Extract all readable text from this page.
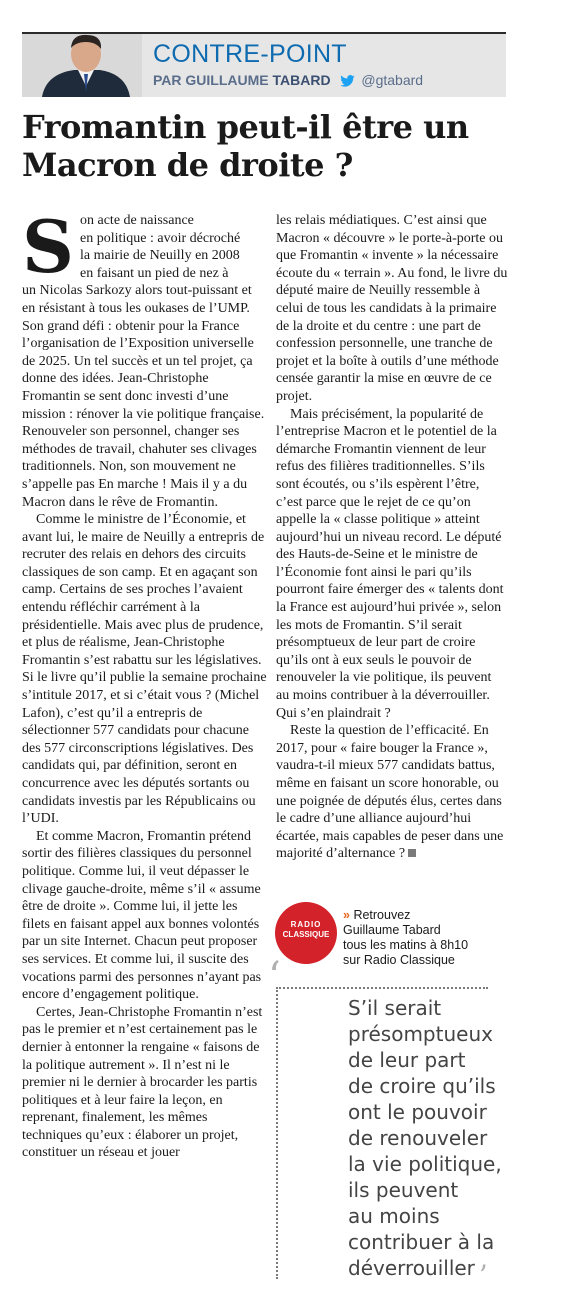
CONTRE-POINT
PAR GUILLAUME TABARD @gtabard
Fromantin peut-il être un Macron de droite ?

Son acte de naissance
en politique : avoir décroché
la mairie de Neuilly en 2008
en faisant un pied de nez à
un Nicolas Sarkozy alors tout-puissant et en résistant à tous les oukases de l’UMP. Son grand défi : obtenir pour la France l’organisation de l’Exposition universelle de 2025. Un tel succès et un tel projet, ça donne des idées. Jean-Christophe Fromantin se sent donc investi d’une mission : rénover la vie politique française. Renouveler son personnel, changer ses méthodes de travail, chahuter ses clivages traditionnels. Non, son mouvement ne s’appelle pas En marche ! Mais il y a du Macron dans le rêve de Fromantin.

Comme le ministre de l’Économie, et avant lui, le maire de Neuilly a entrepris de recruter des relais en dehors des circuits classiques de son camp. Et en agaçant son camp. Certains de ses proches l’avaient entendu réfléchir carrément à la présidentielle. Mais avec plus de prudence, et plus de réalisme, Jean-Christophe Fromantin s’est rabattu sur les législatives. Si le livre qu’il publie la semaine prochaine s’intitule 2017, et si c’était vous ? (Michel Lafon), c’est qu’il a entrepris de sélectionner 577 candidats pour chacune des 577 circonscriptions législatives. Des candidats qui, par définition, seront en concurrence avec les députés sortants ou candidats investis par les Républicains ou l’UDI.

Et comme Macron, Fromantin prétend sortir des filières classiques du personnel politique. Comme lui, il veut dépasser le clivage gauche-droite, même s’il « assume être de droite ». Comme lui, il jette les filets en faisant appel aux bonnes volontés par un site Internet. Chacun peut proposer ses services. Et comme lui, il suscite des vocations parmi des personnes n’ayant pas encore d’engagement politique.

Certes, Jean-Christophe Fromantin n’est pas le premier et n’est certainement pas le dernier à entonner la rengaine « faisons de la politique autrement ». Il n’est ni le premier ni le dernier à brocarder les partis politiques et à leur faire la leçon, en reprenant, finalement, les mêmes techniques qu’eux : élaborer un projet, constituer un réseau et jouer

les relais médiatiques. C’est ainsi que Macron « découvre » le porte-à-porte ou que Fromantin « invente » la nécessaire écoute du « terrain ». Au fond, le livre du député maire de Neuilly ressemble à celui de tous les candidats à la primaire de la droite et du centre : une part de confession personnelle, une tranche de projet et la boîte à outils d’une méthode censée garantir la mise en œuvre de ce projet.

Mais précisément, la popularité de l’entreprise Macron et le potentiel de la démarche Fromantin viennent de leur refus des filières traditionnelles. S’ils sont écoutés, ou s’ils espèrent l’être, c’est parce que le rejet de ce qu’on appelle la « classe politique » atteint aujourd’hui un niveau record. Le député des Hauts-de-Seine et le ministre de l’Économie font ainsi le pari qu’ils pourront faire émerger des « talents dont la France est aujourd’hui privée », selon les mots de Fromantin. S’il serait présomptueux de leur part de croire qu’ils ont à eux seuls le pouvoir de renouveler la vie politique, ils peuvent au moins contribuer à la déverrouiller. Qui s’en plaindrait ?

Reste la question de l’efficacité. En 2017, pour « faire bouger la France », vaudra-t-il mieux 577 candidats battus, même en faisant un score honorable, ou une poignée de députés élus, certes dans le cadre d’une alliance aujourd’hui écartée, mais capables de peser dans une majorité d’alternance ?

RADIO
CLASSIQUE
» Retrouvez
Guillaume Tabard
tous les matins à 8h10
sur Radio Classique
‘
S’il serait
présomptueux
de leur part
de croire qu’ils
ont le pouvoir
de renouveler
la vie politique,
ils peuvent
au moins
contribuer à la
déverrouiller ’
